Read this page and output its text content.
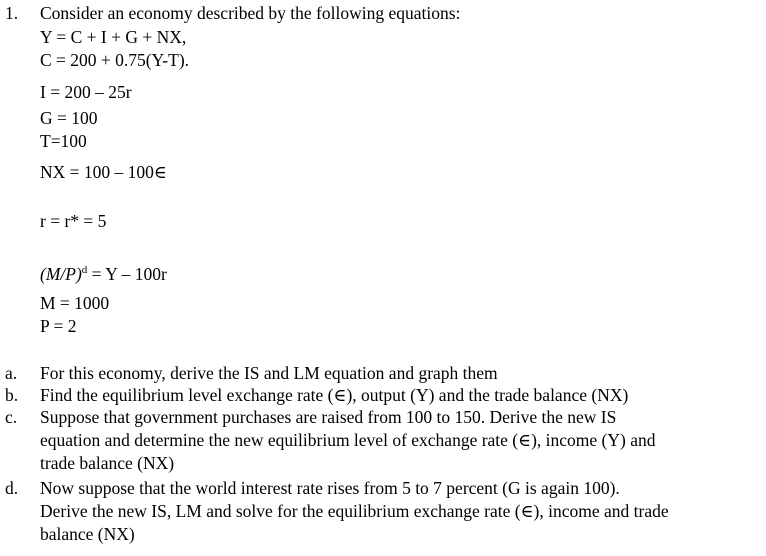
1. Consider an economy described by the following equations:
Y = C + I + G + NX,
C = 200 + 0.75(Y-T).
I = 200 – 25r
G = 100
T=100
NX = 100 – 100∈
r = r* = 5
$(M/P)^d = Y - 100r$
M = 1000
P = 2
a. For this economy, derive the IS and LM equation and graph them
b. Find the equilibrium level exchange rate (∈), output (Y) and the trade balance (NX)
c. Suppose that government purchases are raised from 100 to 150. Derive the new IS
equation and determine the new equilibrium level of exchange rate (∈), income (Y) and
trade balance (NX)
d. Now suppose that the world interest rate rises from 5 to 7 percent (G is again 100).
Derive the new IS, LM and solve for the equilibrium exchange rate (∈), income and trade
balance (NX)
